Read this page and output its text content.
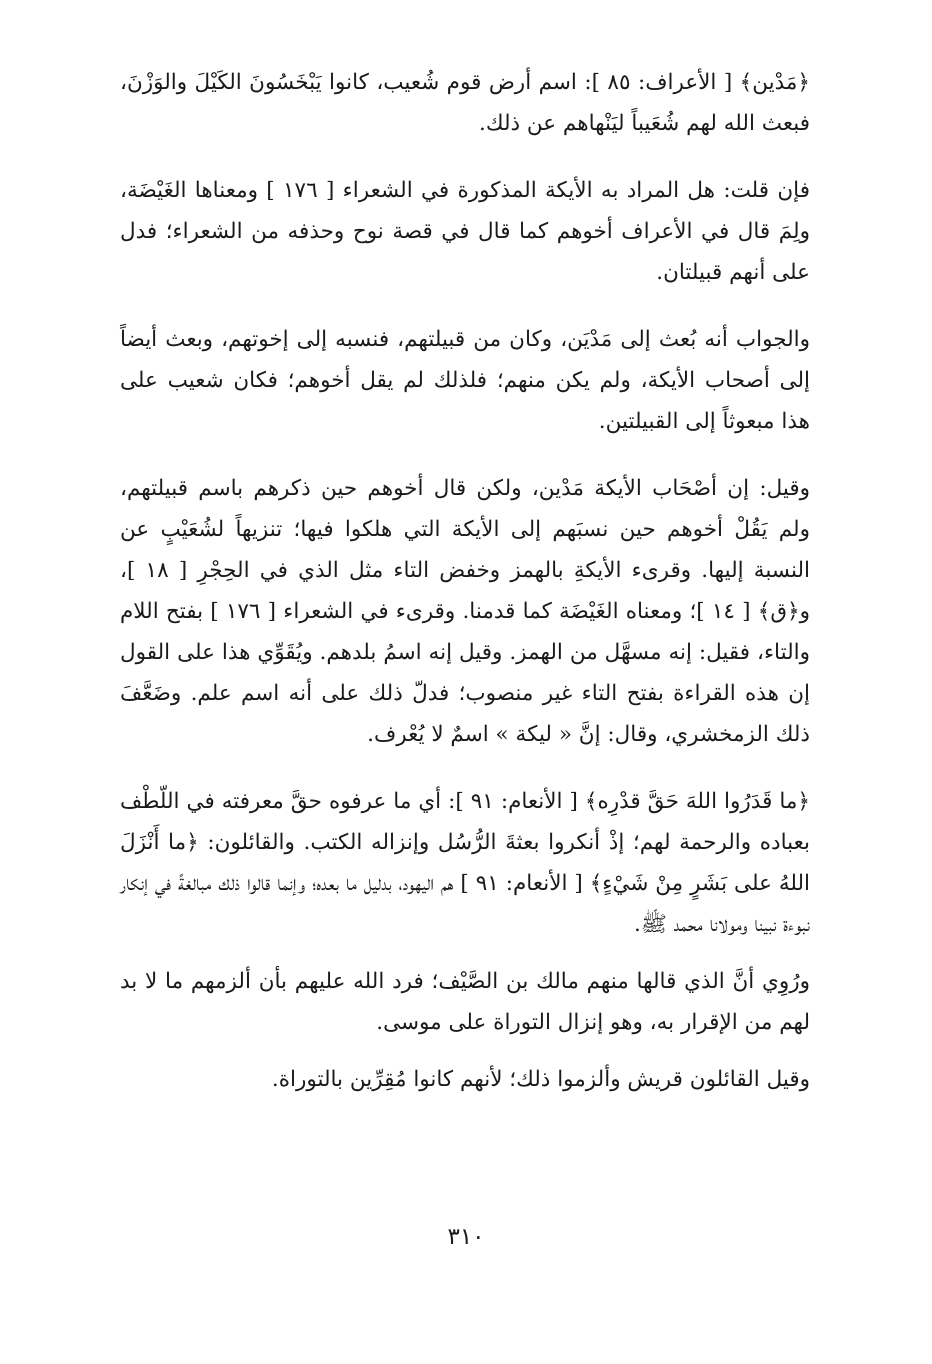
﴿مَدْين﴾ [ الأعراف: ٨٥ ]: اسم أرض قوم شُعيب، كانوا يَبْخَسُونَ الكَيْلَ والوَزْنَ، فبعث الله لهم شُعَيباً ليَنْهاهم عن ذلك.

فإن قلت: هل المراد به الأيكة المذكورة في الشعراء [ ١٧٦ ] ومعناها الغَيْضَة، ولِمَ قال في الأعراف أخوهم كما قال في قصة نوح وحذفه من الشعراء؛ فدل على أنهم قبيلتان.

والجواب أنه بُعث إلى مَدْيَن، وكان من قبيلتهم، فنسبه إلى إخوتهم، وبعث أيضاً إلى أصحاب الأيكة، ولم يكن منهم؛ فلذلك لم يقل أخوهم؛ فكان شعيب على هذا مبعوثاً إلى القبيلتين.

وقيل: إن أصْحَاب الأيكة مَدْين، ولكن قال أخوهم حين ذكرهم باسم قبيلتهم، ولم يَقُلْ أخوهم حين نسبَهم إلى الأيكة التي هلكوا فيها؛ تنزيهاً لشُعَيْبٍ عن النسبة إليها. وقرىء الأيكةِ بالهمز وخفض التاء مثل الذي في الحِجْرِ [ ١٨ ]، و﴿ق﴾ [ ١٤ ]؛ ومعناه الغَيْضَة كما قدمنا. وقرىء في الشعراء [ ١٧٦ ] بفتح اللام والتاء، فقيل: إنه مسهَّل من الهمز. وقيل إنه اسمُ بلدهم. ويُقَوِّي هذا على القول إن هذه القراءة بفتح التاء غير منصوب؛ فدلّ ذلك على أنه اسم علم. وضَعَّفَ ذلك الزمخشري، وقال: إنَّ « ليكة » اسمٌ لا يُعْرف.

﴿ما قَدَرُوا اللهَ حَقَّ قدْرِه﴾ [ الأنعام: ٩١ ]: أي ما عرفوه حقَّ معرفته في اللّطْف بعباده والرحمة لهم؛ إذْ أنكروا بعثةَ الرُّسُل وإنزاله الكتب. والقائلون: ﴿ما أَنْزَلَ اللهُ على بَشَرٍ مِنْ شَيْءٍ﴾ [ الأنعام: ٩١ ] هم اليهود، بدليل ما بعده؛ وإنما قالوا ذلك مبالغةً في إنكار نبوءة نبينا ومولانا محمد ﷺ.

ورُوِي أنَّ الذي قالها منهم مالك بن الصَّيْف؛ فرد الله عليهم بأن ألزمهم ما لا بد لهم من الإقرار به، وهو إنزال التوراة على موسى.

وقيل القائلون قريش وألزموا ذلك؛ لأنهم كانوا مُقِرِّين بالتوراة.

٣١٠
